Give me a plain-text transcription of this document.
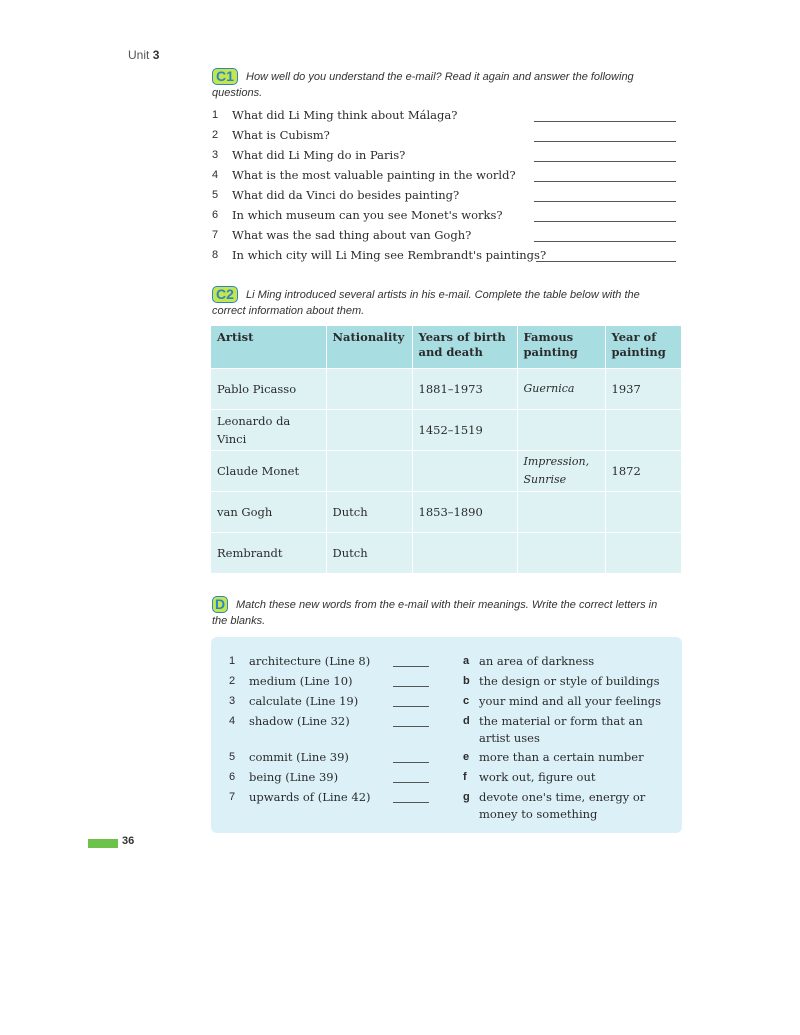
Unit 3
C1 How well do you understand the e-mail? Read it again and answer the following questions.
1 What did Li Ming think about Málaga?
2 What is Cubism?
3 What did Li Ming do in Paris?
4 What is the most valuable painting in the world?
5 What did da Vinci do besides painting?
6 In which museum can you see Monet's works?
7 What was the sad thing about van Gogh?
8 In which city will Li Ming see Rembrandt's paintings?
C2 Li Ming introduced several artists in his e-mail. Complete the table below with the correct information about them.
Artist	Nationality	Years of birth and death	Famous painting	Year of painting
Pablo Picasso		1881–1973	Guernica	1937
Leonardo da Vinci		1452–1519		
Claude Monet			Impression, Sunrise	1872
van Gogh	Dutch	1853–1890		
Rembrandt	Dutch			
D Match these new words from the e-mail with their meanings. Write the correct letters in the blanks.
1 architecture (Line 8)	a an area of darkness
2 medium (Line 10)	b the design or style of buildings
3 calculate (Line 19)	c your mind and all your feelings
4 shadow (Line 32)	d the material or form that an artist uses
5 commit (Line 39)	e more than a certain number
6 being (Line 39)	f work out, figure out
7 upwards of (Line 42)	g devote one's time, energy or money to something
36
